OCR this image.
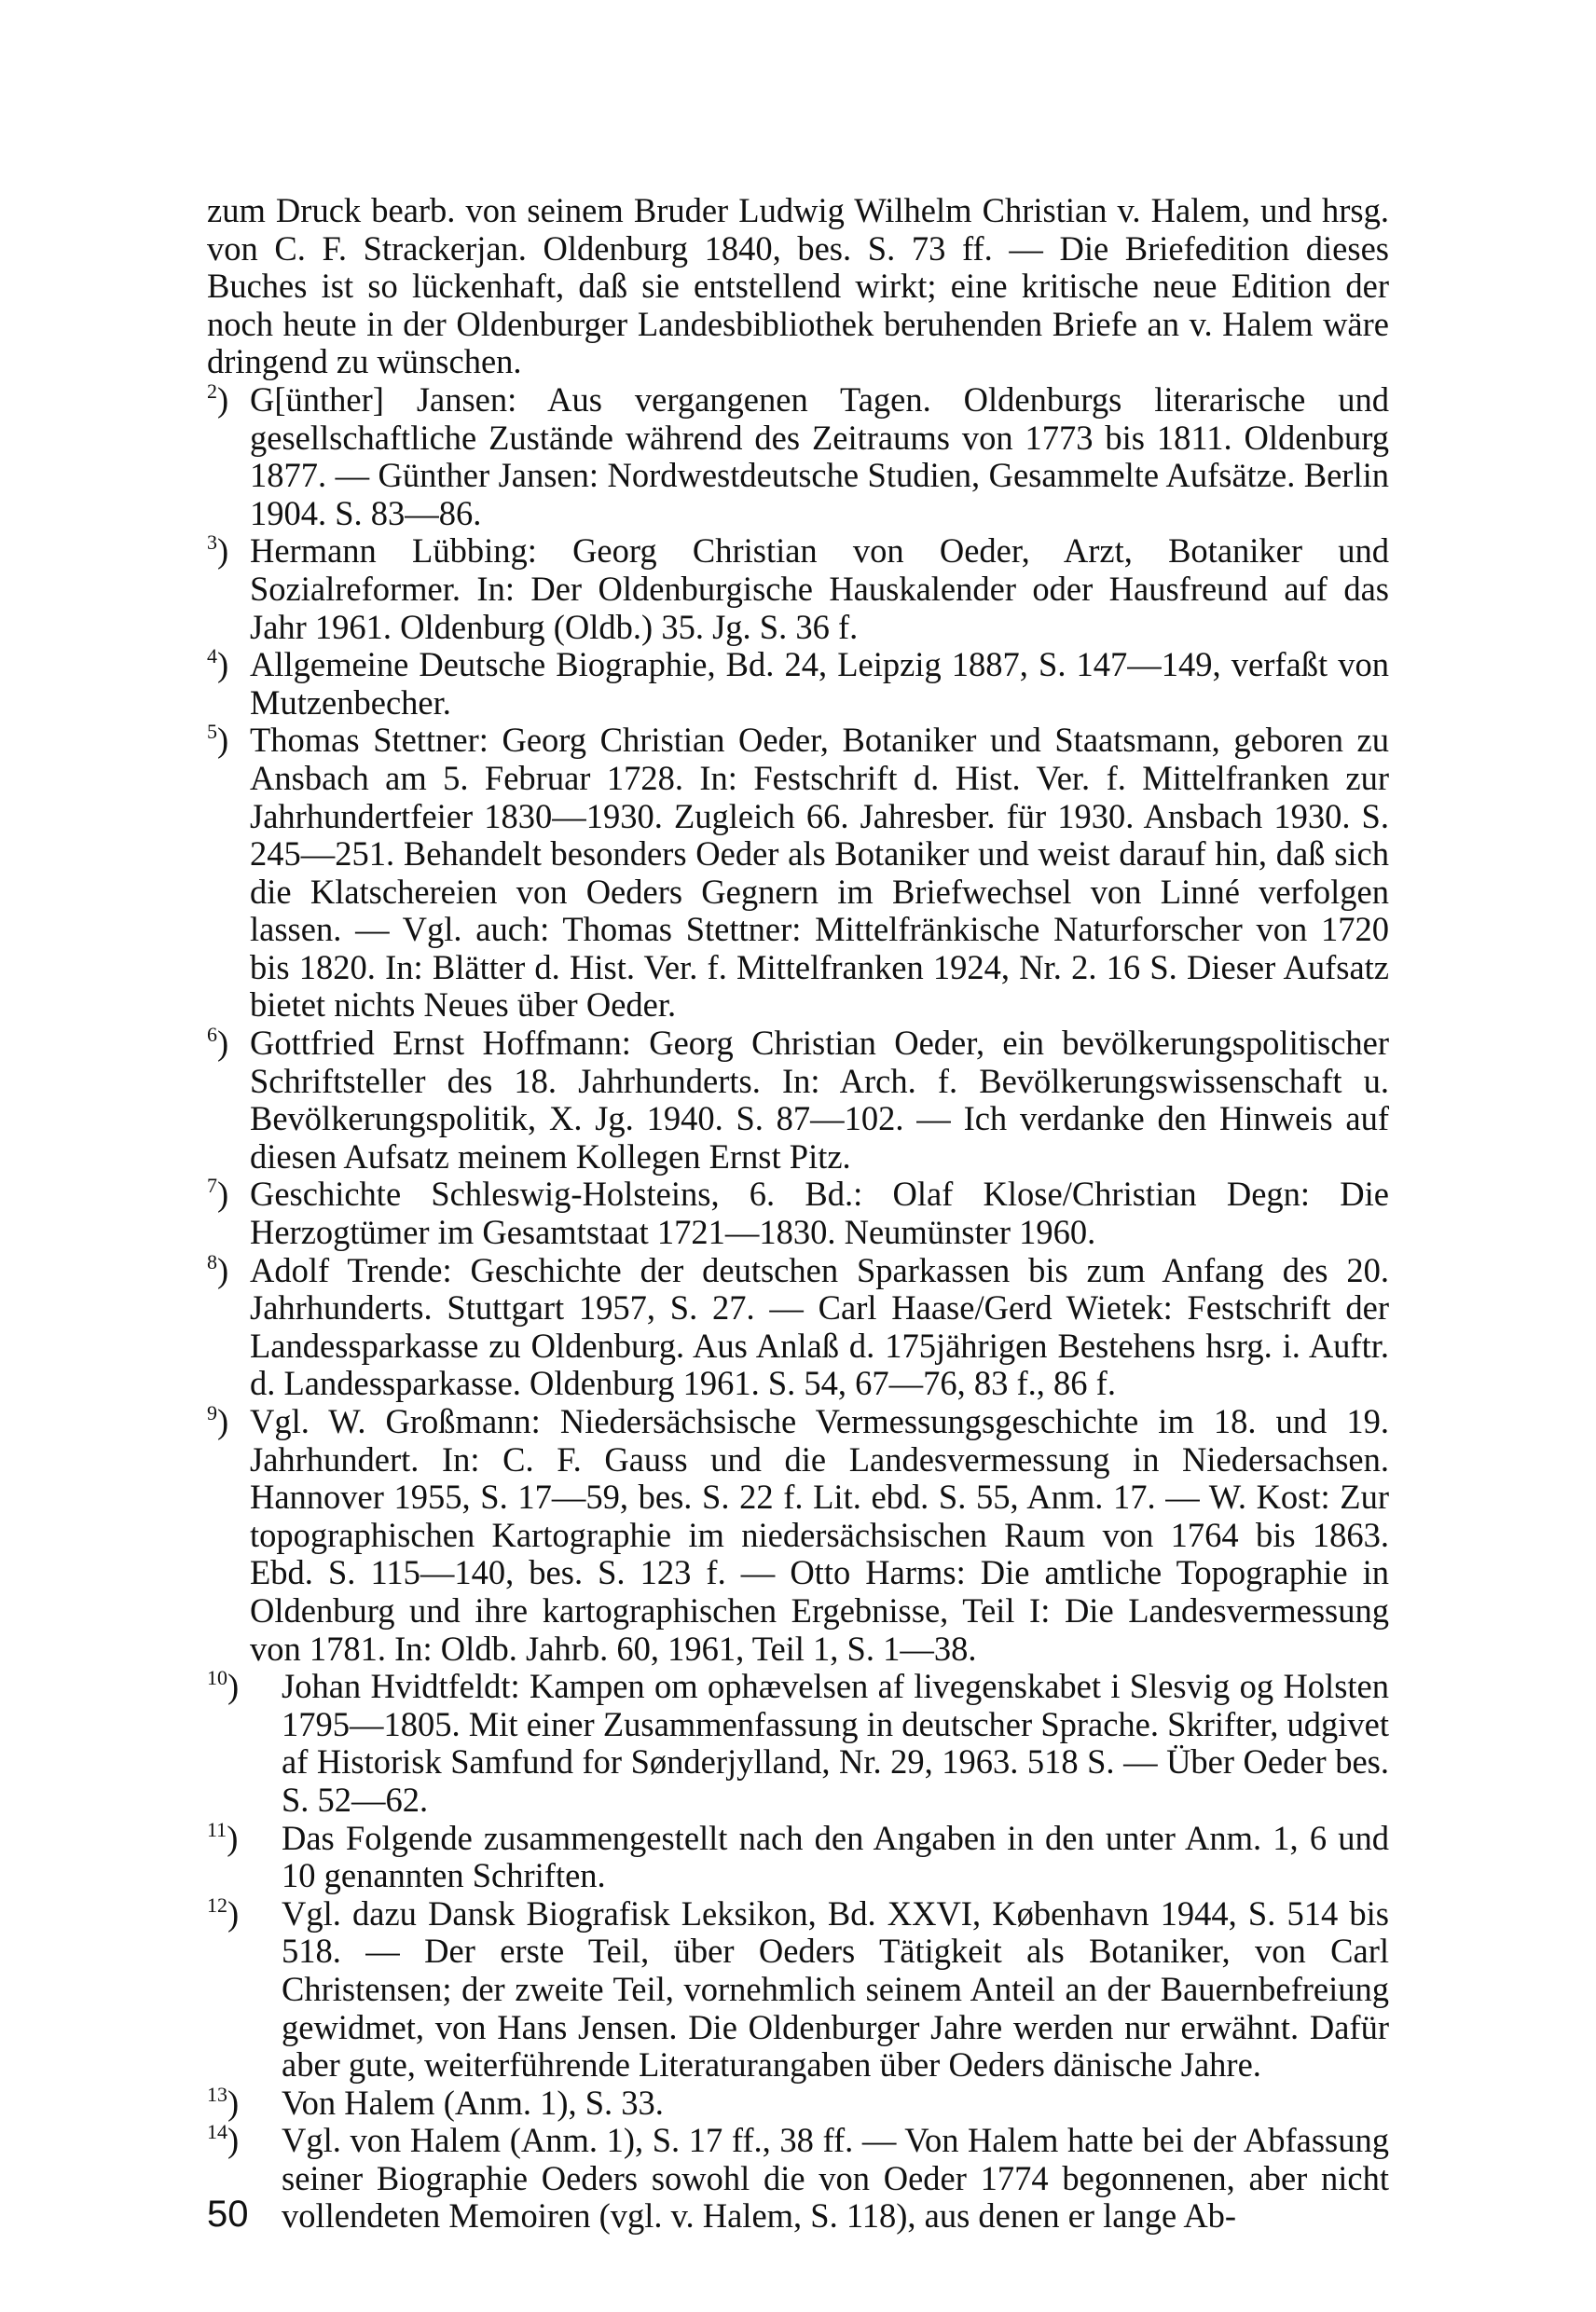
zum Druck bearb. von seinem Bruder Ludwig Wilhelm Christian v. Halem, und hrsg. von C. F. Strackerjan. Oldenburg 1840, bes. S. 73 ff. — Die Briefedition dieses Buches ist so lückenhaft, daß sie entstellend wirkt; eine kritische neue Edition der noch heute in der Oldenburger Landesbibliothek beruhenden Briefe an v. Halem wäre dringend zu wünschen.

$^2$) G[ünther] Jansen: Aus vergangenen Tagen. Oldenburgs literarische und gesellschaftliche Zustände während des Zeitraums von 1773 bis 1811. Oldenburg 1877. — Günther Jansen: Nordwestdeutsche Studien, Gesammelte Aufsätze. Berlin 1904. S. 83—86.

$^3$) Hermann Lübbing: Georg Christian von Oeder, Arzt, Botaniker und Sozialreformer. In: Der Oldenburgische Hauskalender oder Hausfreund auf das Jahr 1961. Oldenburg (Oldb.) 35. Jg. S. 36 f.

$^4$) Allgemeine Deutsche Biographie, Bd. 24, Leipzig 1887, S. 147—149, verfaßt von Mutzenbecher.

$^5$) Thomas Stettner: Georg Christian Oeder, Botaniker und Staatsmann, geboren zu Ansbach am 5. Februar 1728. In: Festschrift d. Hist. Ver. f. Mittelfranken zur Jahrhundertfeier 1830—1930. Zugleich 66. Jahresber. für 1930. Ansbach 1930. S. 245—251. Behandelt besonders Oeder als Botaniker und weist darauf hin, daß sich die Klatschereien von Oeders Gegnern im Briefwechsel von Linné verfolgen lassen. — Vgl. auch: Thomas Stettner: Mittelfränkische Naturforscher von 1720 bis 1820. In: Blätter d. Hist. Ver. f. Mittelfranken 1924, Nr. 2. 16 S. Dieser Aufsatz bietet nichts Neues über Oeder.

$^6$) Gottfried Ernst Hoffmann: Georg Christian Oeder, ein bevölkerungspolitischer Schriftsteller des 18. Jahrhunderts. In: Arch. f. Bevölkerungswissenschaft u. Bevölkerungspolitik, X. Jg. 1940. S. 87—102. — Ich verdanke den Hinweis auf diesen Aufsatz meinem Kollegen Ernst Pitz.

$^7$) Geschichte Schleswig-Holsteins, 6. Bd.: Olaf Klose/Christian Degn: Die Herzogtümer im Gesamtstaat 1721—1830. Neumünster 1960.

$^8$) Adolf Trende: Geschichte der deutschen Sparkassen bis zum Anfang des 20. Jahrhunderts. Stuttgart 1957, S. 27. — Carl Haase/Gerd Wietek: Festschrift der Landessparkasse zu Oldenburg. Aus Anlaß d. 175jährigen Bestehens hsrg. i. Auftr. d. Landessparkasse. Oldenburg 1961. S. 54, 67—76, 83 f., 86 f.

$^9$) Vgl. W. Großmann: Niedersächsische Vermessungsgeschichte im 18. und 19. Jahrhundert. In: C. F. Gauss und die Landesvermessung in Niedersachsen. Hannover 1955, S. 17—59, bes. S. 22 f. Lit. ebd. S. 55, Anm. 17. — W. Kost: Zur topographischen Kartographie im niedersächsischen Raum von 1764 bis 1863. Ebd. S. 115—140, bes. S. 123 f. — Otto Harms: Die amtliche Topographie in Oldenburg und ihre kartographischen Ergebnisse, Teil I: Die Landesvermessung von 1781. In: Oldb. Jahrb. 60, 1961, Teil 1, S. 1—38.

$^{10}$) Johan Hvidtfeldt: Kampen om ophævelsen af livegenskabet i Slesvig og Holsten 1795—1805. Mit einer Zusammenfassung in deutscher Sprache. Skrifter, udgivet af Historisk Samfund for Sønderjylland, Nr. 29, 1963. 518 S. — Über Oeder bes. S. 52—62.

$^{11}$) Das Folgende zusammengestellt nach den Angaben in den unter Anm. 1, 6 und 10 genannten Schriften.

$^{12}$) Vgl. dazu Dansk Biografisk Leksikon, Bd. XXVI, København 1944, S. 514 bis 518. — Der erste Teil, über Oeders Tätigkeit als Botaniker, von Carl Christensen; der zweite Teil, vornehmlich seinem Anteil an der Bauernbefreiung gewidmet, von Hans Jensen. Die Oldenburger Jahre werden nur erwähnt. Dafür aber gute, weiterführende Literaturangaben über Oeders dänische Jahre.

$^{13}$) Von Halem (Anm. 1), S. 33.

$^{14}$) Vgl. von Halem (Anm. 1), S. 17 ff., 38 ff. — Von Halem hatte bei der Abfassung seiner Biographie Oeders sowohl die von Oeder 1774 begonnenen, aber nicht vollendeten Memoiren (vgl. v. Halem, S. 118), aus denen er lange Ab-

50
